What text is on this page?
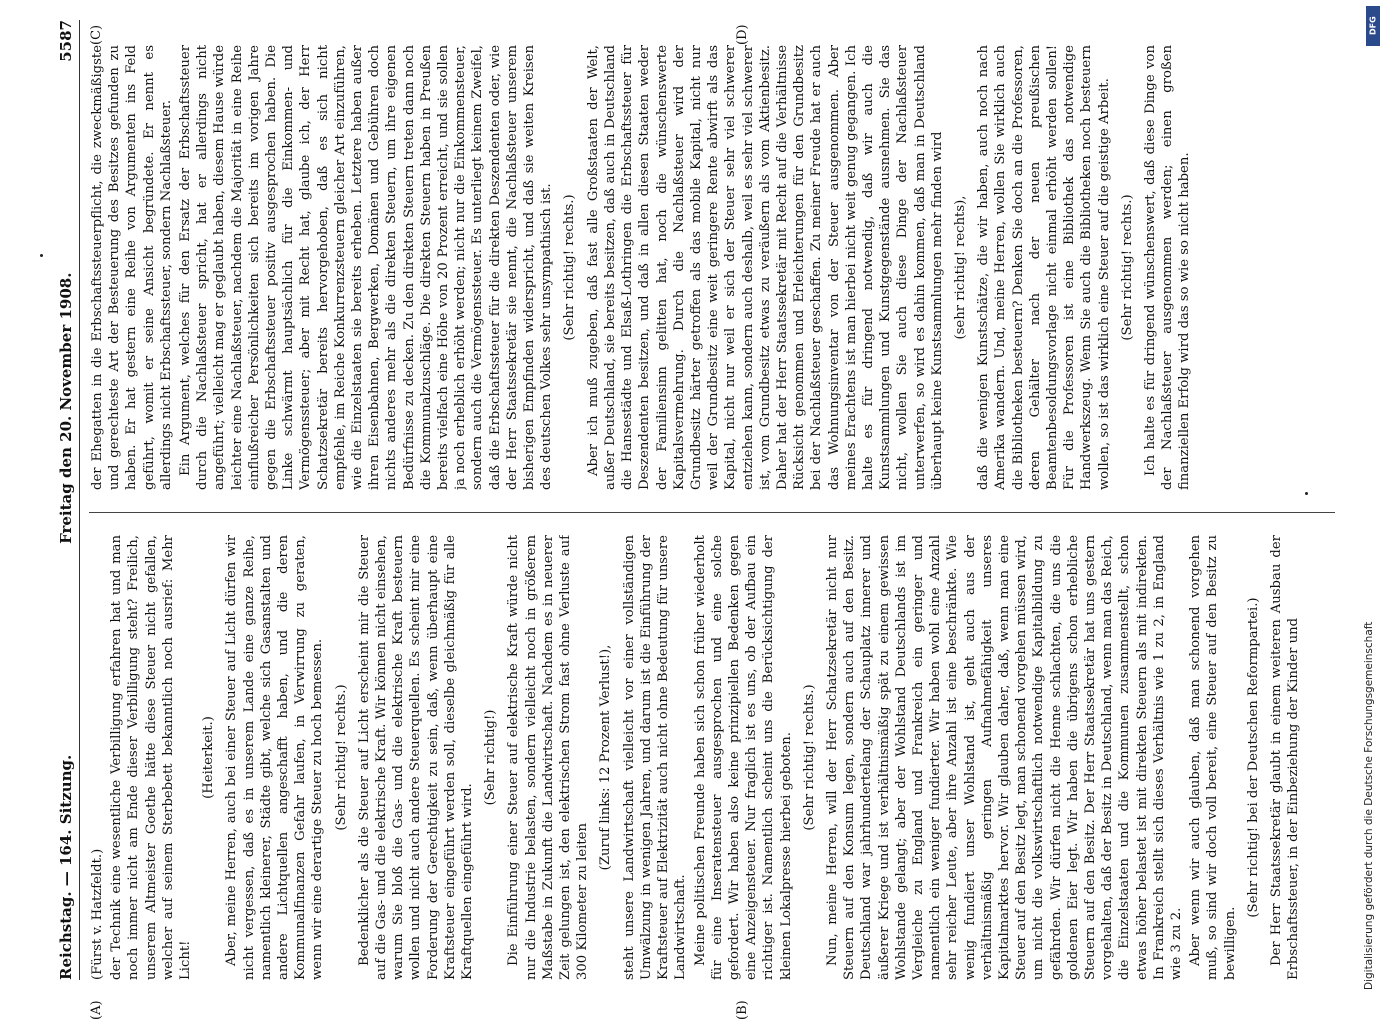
Reichstag. — 164. Sitzung.
Freitag den 20. November 1908.
5587

(Fürst v. Hatzfeldt.) der Technik eine wesentliche Verbilligung erfahren hat und man noch immer nicht am Ende dieser Verbilligung steht? Freilich, unserem Altmeister Goethe hätte diese Steuer nicht gefallen, welcher auf seinem Sterbebett bekanntlich noch ausrief: Mehr Licht!

(Heiterkeit.) Aber, meine Herren, auch bei einer Steuer auf Licht dürfen wir nicht vergessen, daß es in unserem Lande eine ganze Reihe, namentlich kleinerer, Städte gibt, welche sich Gasanstalten und andere Lichtquellen angeschafft haben, und die deren Kommunalfinanzen Gefahr laufen, in Verwirrung zu geraten, wenn wir eine derartige Steuer zu hoch bemessen. (Sehr richtig! rechts.) Bedenklicher als die Steuer auf Licht erscheint mir die Steuer auf die Gas- und die elektrische Kraft. Wir können nicht einsehen, warum Sie bloß die Gas- und die elektrische Kraft besteuern wollen und nicht auch andere Steuerquellen. Es scheint mir eine Forderung der Gerechtigkeit zu sein, daß, wenn überhaupt eine Kraftsteuer eingeführt werden soll, dieselbe gleichmäßig für alle Kraftquellen eingeführt wird.

(Sehr richtig!) Die Einführung einer Steuer auf elektrische Kraft würde nicht nur die Industrie belasten, sondern vielleicht noch in größerem Maßstabe in Zukunft die Landwirtschaft. Nachdem es in neuerer Zeit gelungen ist, den elektrischen Strom fast ohne Verluste auf 300 Kilometer zu leiten

(Zuruf links: 12 Prozent Verlust!), steht unsere Landwirtschaft vielleicht vor einer vollständigen Umwälzung in wenigen Jahren, und darum ist die Einführung der Kraftsteuer auf Elektrizität auch nicht ohne Bedeutung für unsere Landwirtschaft. Meine politischen Freunde haben sich schon früher wiederholt für eine Inseratensteuer ausgesprochen und eine solche gefordert. Wir haben also keine prinzipiellen Bedenken gegen eine Anzeigensteuer. Nur fraglich ist es uns, ob der Aufbau ein richtiger ist. Namentlich scheint uns die Berücksichtigung der kleinen Lokalpresse hierbei geboten. (Sehr richtig! rechts.) Nun, meine Herren, will der Herr Schatzsekretär nicht nur Steuern auf den Konsum legen, sondern auch auf den Besitz. Deutschland war jahrhundertelang der Schauplatz innerer und äußerer Kriege und ist verhältnismäßig spät zu einem gewissen Wohlstande gelangt; aber der Wohlstand Deutschlands ist im Vergleiche zu England und Frankreich ein geringer und namentlich ein weniger fundierter. Wir haben wohl eine Anzahl sehr reicher Leute, aber ihre Anzahl ist eine beschränkte. Wie wenig fundiert unser Wohlstand ist, geht auch aus der verhältnismäßig geringen Aufnahmefähigkeit unseres Kapitalmarktes hervor. Wir glauben daher, daß, wenn man eine Steuer auf den Besitz legt, man schonend vorgehen müssen wird, um nicht die volkswirtschaftlich notwendige Kapitalbildung zu gefährden. Wir dürfen nicht die Henne schlachten, die uns die goldenen Eier legt. Wir haben die übrigens schon erhebliche Steuern auf den Besitz. Der Herr Staatssekretär hat uns gestern vorgehalten, daß der Besitz in Deutschland, wenn man das Reich, die Einzelstaaten und die Kommunen zusammenstellt, schon etwas höher belastet ist mit direkten Steuern als mit indirekten. In Frankreich stellt sich dieses Verhältnis wie 1 zu 2, in England wie 3 zu 2. Aber wenn wir auch glauben, daß man schonend vorgehen muß, so sind wir doch voll bereit, eine Steuer auf den Besitz zu bewilligen.

(Sehr richtig! bei der Deutschen Reformpartei.) Der Herr Staatssekretär glaubt in einem weiteren Ausbau der Erbschaftssteuer, in der Einbeziehung der Kinder und

der Ehegatten in die Erbschaftssteuerpflicht, die zweckmäßigste und gerechteste Art der Besteuerung des Besitzes gefunden zu haben. Er hat gestern eine Reihe von Argumenten ins Feld geführt, womit er seine Ansicht begründete. Er nennt es allerdings nicht Erbschaftssteuer, sondern Nachlaßsteuer. Ein Argument, welches für den Ersatz der Erbschaftssteuer durch die Nachlaßsteuer spricht, hat er allerdings nicht angeführt; vielleicht mag er geglaubt haben, diesem Hause würde leichter eine Nachlaßsteuer, nachdem die Majorität in eine Reihe einflußreicher Persönlichkeiten sich bereits im vorigen Jahre gegen die Erbschaftssteuer positiv ausgesprochen haben. Die Linke schwärmt hauptsächlich für die Einkommen- und Vermögenssteuer; aber mit Recht hat, glaube ich, der Herr Schatzsekretär bereits hervorgehoben, daß es sich nicht empfehle, im Reiche Konkurrenzsteuern gleicher Art einzuführen, wie die Einzelstaaten sie bereits erheben. Letztere haben außer ihren Eisenbahnen, Bergwerken, Domänen und Gebühren doch nichts anderes mehr als die direkten Steuern, um ihre eigenen Bedürfnisse zu decken. Zu den direkten Steuern treten dann noch die Kommunalzuschläge. Die direkten Steuern haben in Preußen bereits vielfach eine Höhe von 20 Prozent erreicht, und sie sollen ja noch erheblich erhöht werden; nicht nur die Einkommensteuer, sondern auch die Vermögenssteuer. Es unterliegt keinem Zweifel, daß die Erbschaftssteuer für die direkten Deszendenten oder, wie der Herr Staatssekretär sie nennt, die Nachlaßsteuer unserem bisherigen Empfinden widerspricht, und daß sie weiten Kreisen des deutschen Volkes sehr unsympathisch ist. (Sehr richtig! rechts.) Aber ich muß zugeben, daß fast alle Großstaaten der Welt, außer Deutschland, sie bereits besitzen, daß auch in Deutschland die Hansestädte und Elsaß-Lothringen die Erbschaftssteuer für Deszendenten besitzen, und daß in allen diesen Staaten weder der Familiensinn gelitten hat, noch die wünschenswerte Kapitalsvermehrung. Durch die Nachlaßsteuer wird der Grundbesitz härter getroffen als das mobile Kapital, nicht nur weil der Grundbesitz eine weit geringere Rente abwirft als das Kapital, nicht nur weil er sich der Steuer sehr viel schwerer entziehen kann, sondern auch deshalb, weil es sehr viel schwerer ist, vom Grundbesitz etwas zu veräußern als vom Aktienbesitz. Daher hat der Herr Staatssekretär mit Recht auf die Verhältnisse Rücksicht genommen und Erleichterungen für den Grundbesitz bei der Nachlaßsteuer geschaffen. Zu meiner Freude hat er auch das Wohnungsinventar von der Steuer ausgenommen. Aber meines Erachtens ist man hierbei nicht weit genug gegangen. Ich halte es für dringend notwendig, daß wir auch die Kunstsammlungen und Kunstgegenstände ausnehmen. Sie das nicht, wollen Sie auch diese Dinge der Nachlaßsteuer unterwerfen, so wird es dahin kommen, daß man in Deutschland überhaupt keine Kunstsammlungen mehr finden wird (sehr richtig! rechts), daß die wenigen Kunstschätze, die wir haben, auch noch nach Amerika wandern. Und, meine Herren, wollen Sie wirklich auch die Bibliotheken besteuern? Denken Sie doch an die Professoren, deren Gehälter nach der neuen preußischen Beamtenbesoldungsvorlage nicht einmal erhöht werden sollen! Für die Professoren ist eine Bibliothek das notwendige Handwerkszeug. Wenn Sie auch die Bibliotheken noch besteuern wollen, so ist das wirklich eine Steuer auf die geistige Arbeit. (Sehr richtig! rechts.) Ich halte es für dringend wünschenswert, daß diese Dinge von der Nachlaßsteuer ausgenommen werden; einen großen finanziellen Erfolg wird das so wie so nicht haben.

(A)	(B)
(C)	(D)
Digitalisierung gefördert durch die Deutsche Forschungsgemeinschaft
DFG
